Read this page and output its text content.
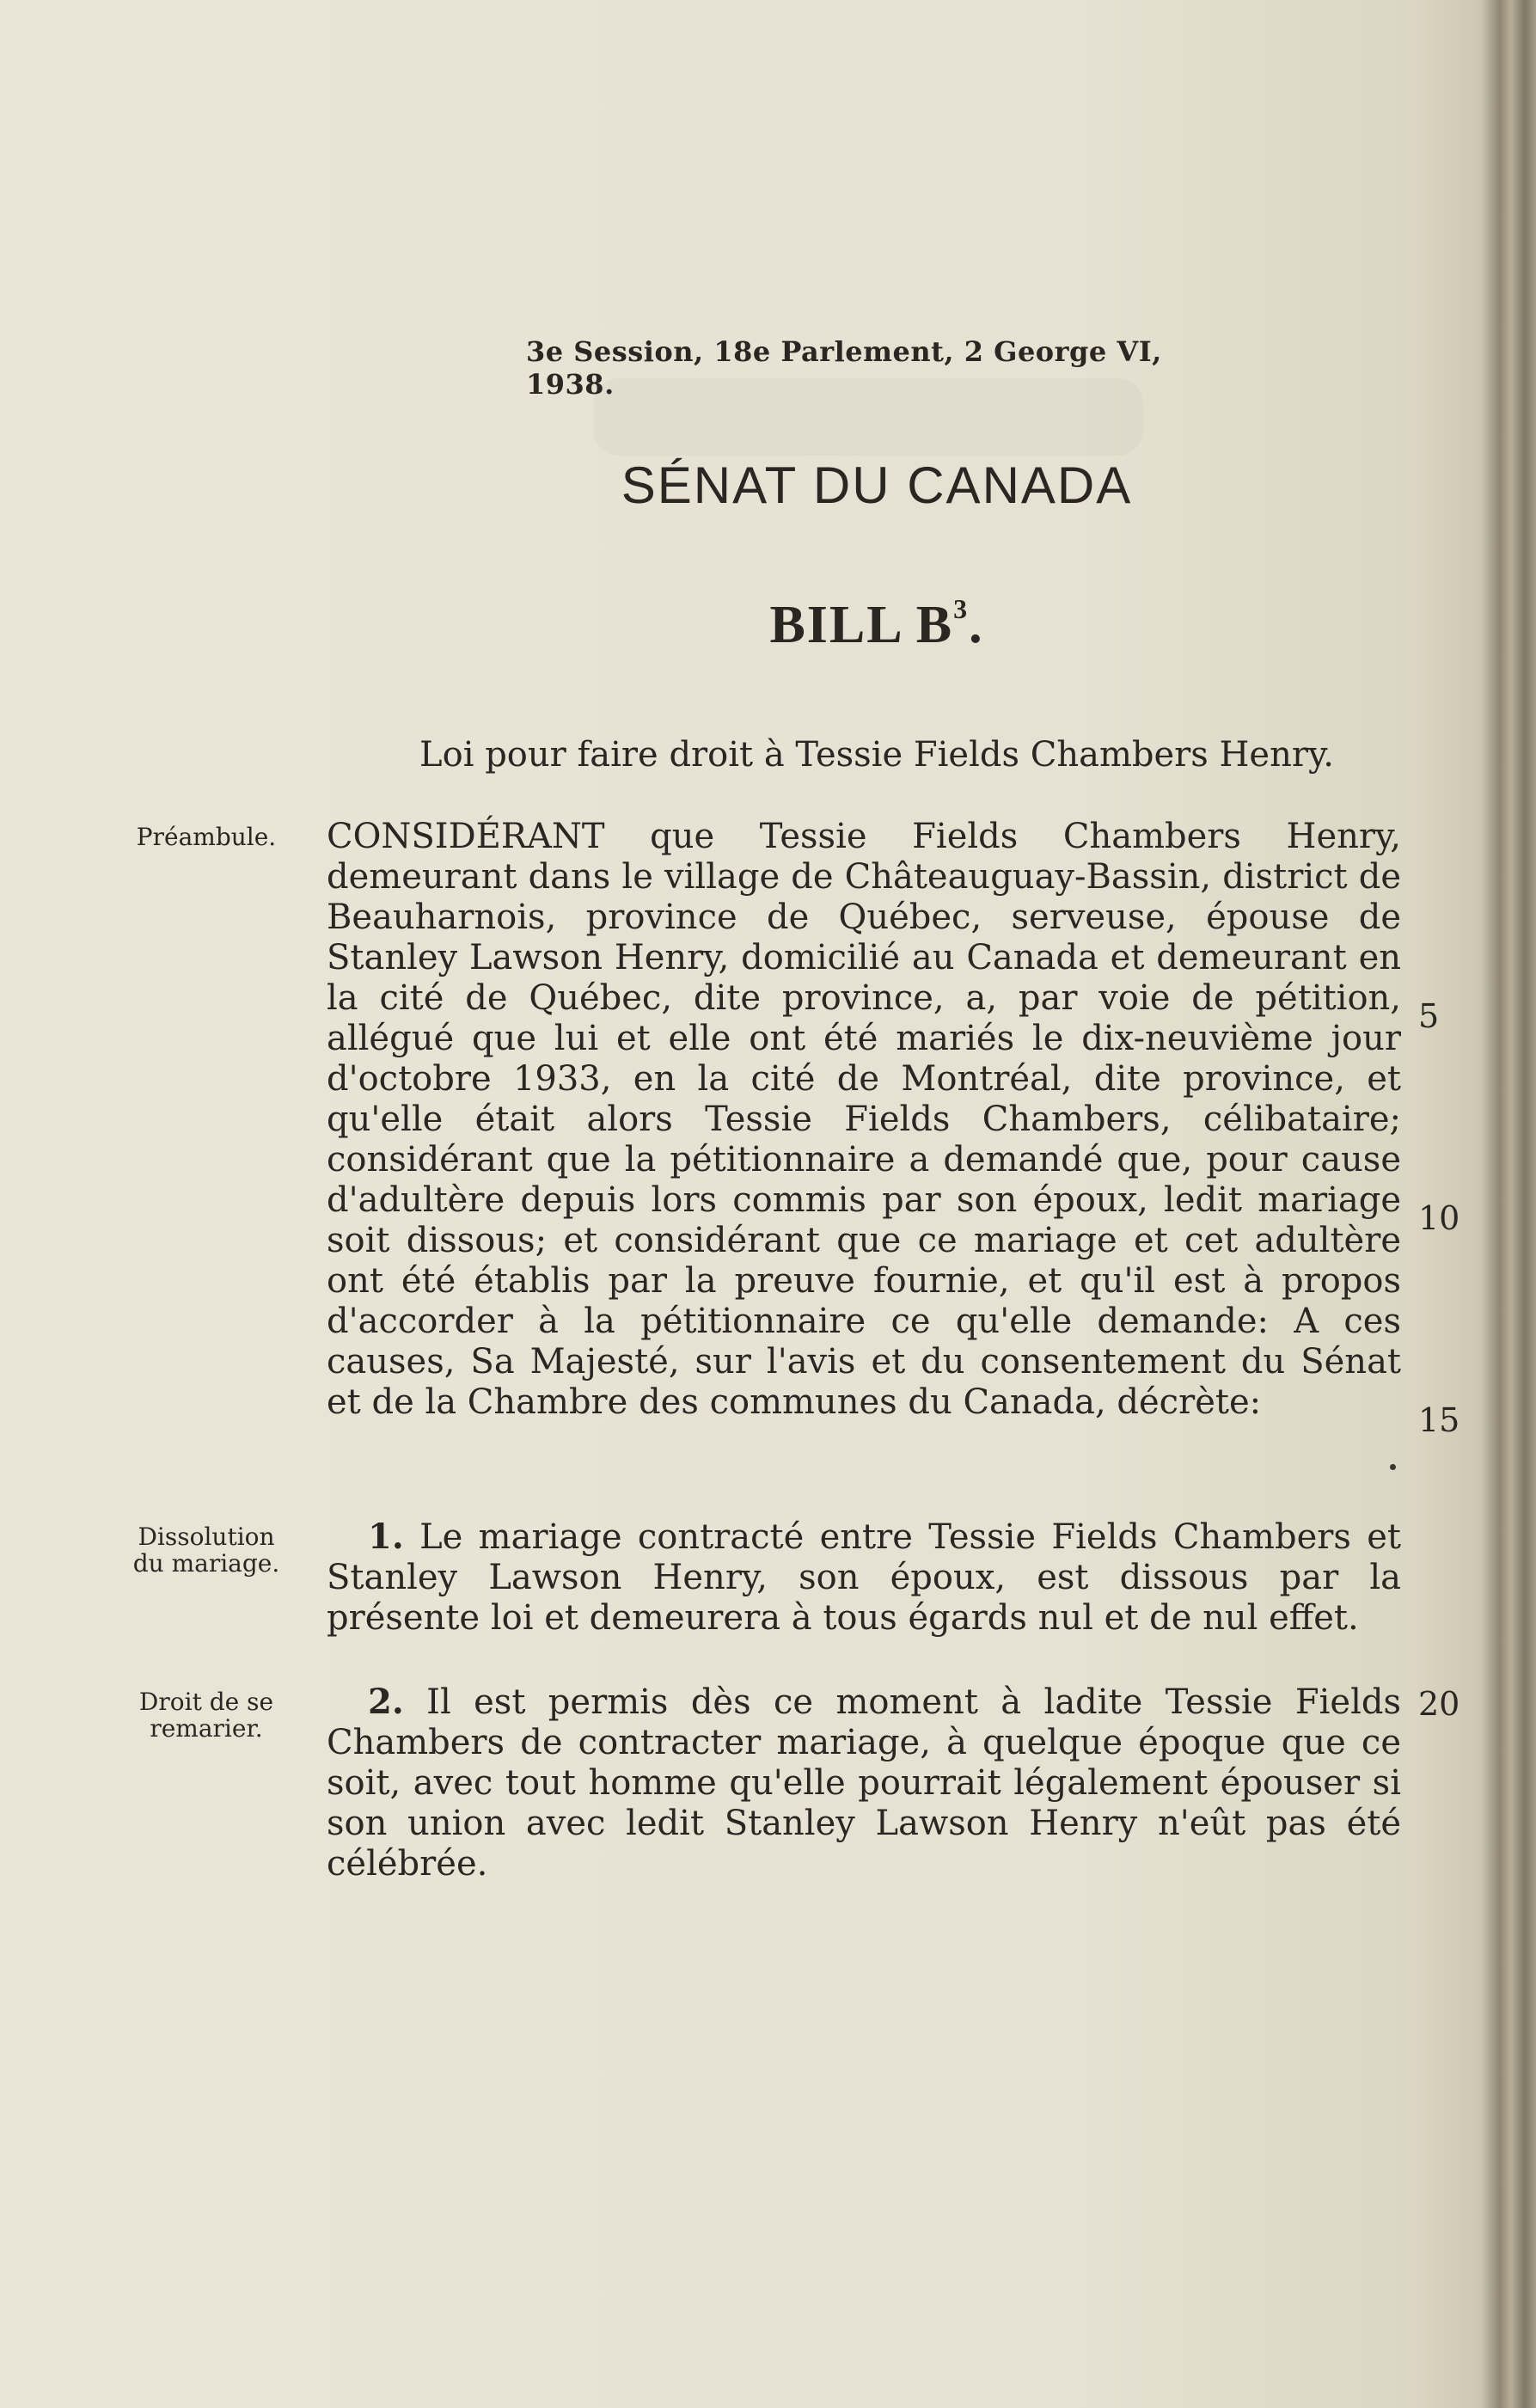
3e Session, 18e Parlement, 2 George VI, 1938.
SÉNAT DU CANADA
BILL $B^3$.
Loi pour faire droit à Tessie Fields Chambers Henry.
Préambule.	CONSIDÉRANT que Tessie Fields Chambers Henry, demeurant dans le village de Châteauguay-Bassin, district de Beauharnois, province de Québec, serveuse, épouse de Stanley Lawson Henry, domicilié au Canada et demeurant en la cité de Québec, dite province, a, par voie de pétition, allégué que lui et elle ont été mariés le dix-neuvième jour d'octobre 1933, en la cité de Montréal, dite province, et qu'elle était alors Tessie Fields Chambers, célibataire; considérant que la pétitionnaire a demandé que, pour cause d'adultère depuis lors commis par son époux, ledit mariage soit dissous; et considérant que ce mariage et cet adultère ont été établis par la preuve fournie, et qu'il est à propos d'accorder à la pétitionnaire ce qu'elle demande: A ces causes, Sa Majesté, sur l'avis et du consentement du Sénat et de la Chambre des communes du Canada, décrète:
5
10
15
Dissolution du mariage.
1. Le mariage contracté entre Tessie Fields Chambers et Stanley Lawson Henry, son époux, est dissous par la présente loi et demeurera à tous égards nul et de nul effet.
Droit de se remarier.
2. Il est permis dès ce moment à ladite Tessie Fields Chambers de contracter mariage, à quelque époque que ce soit, avec tout homme qu'elle pourrait légalement épouser si son union avec ledit Stanley Lawson Henry n'eût pas été célébrée.
20
